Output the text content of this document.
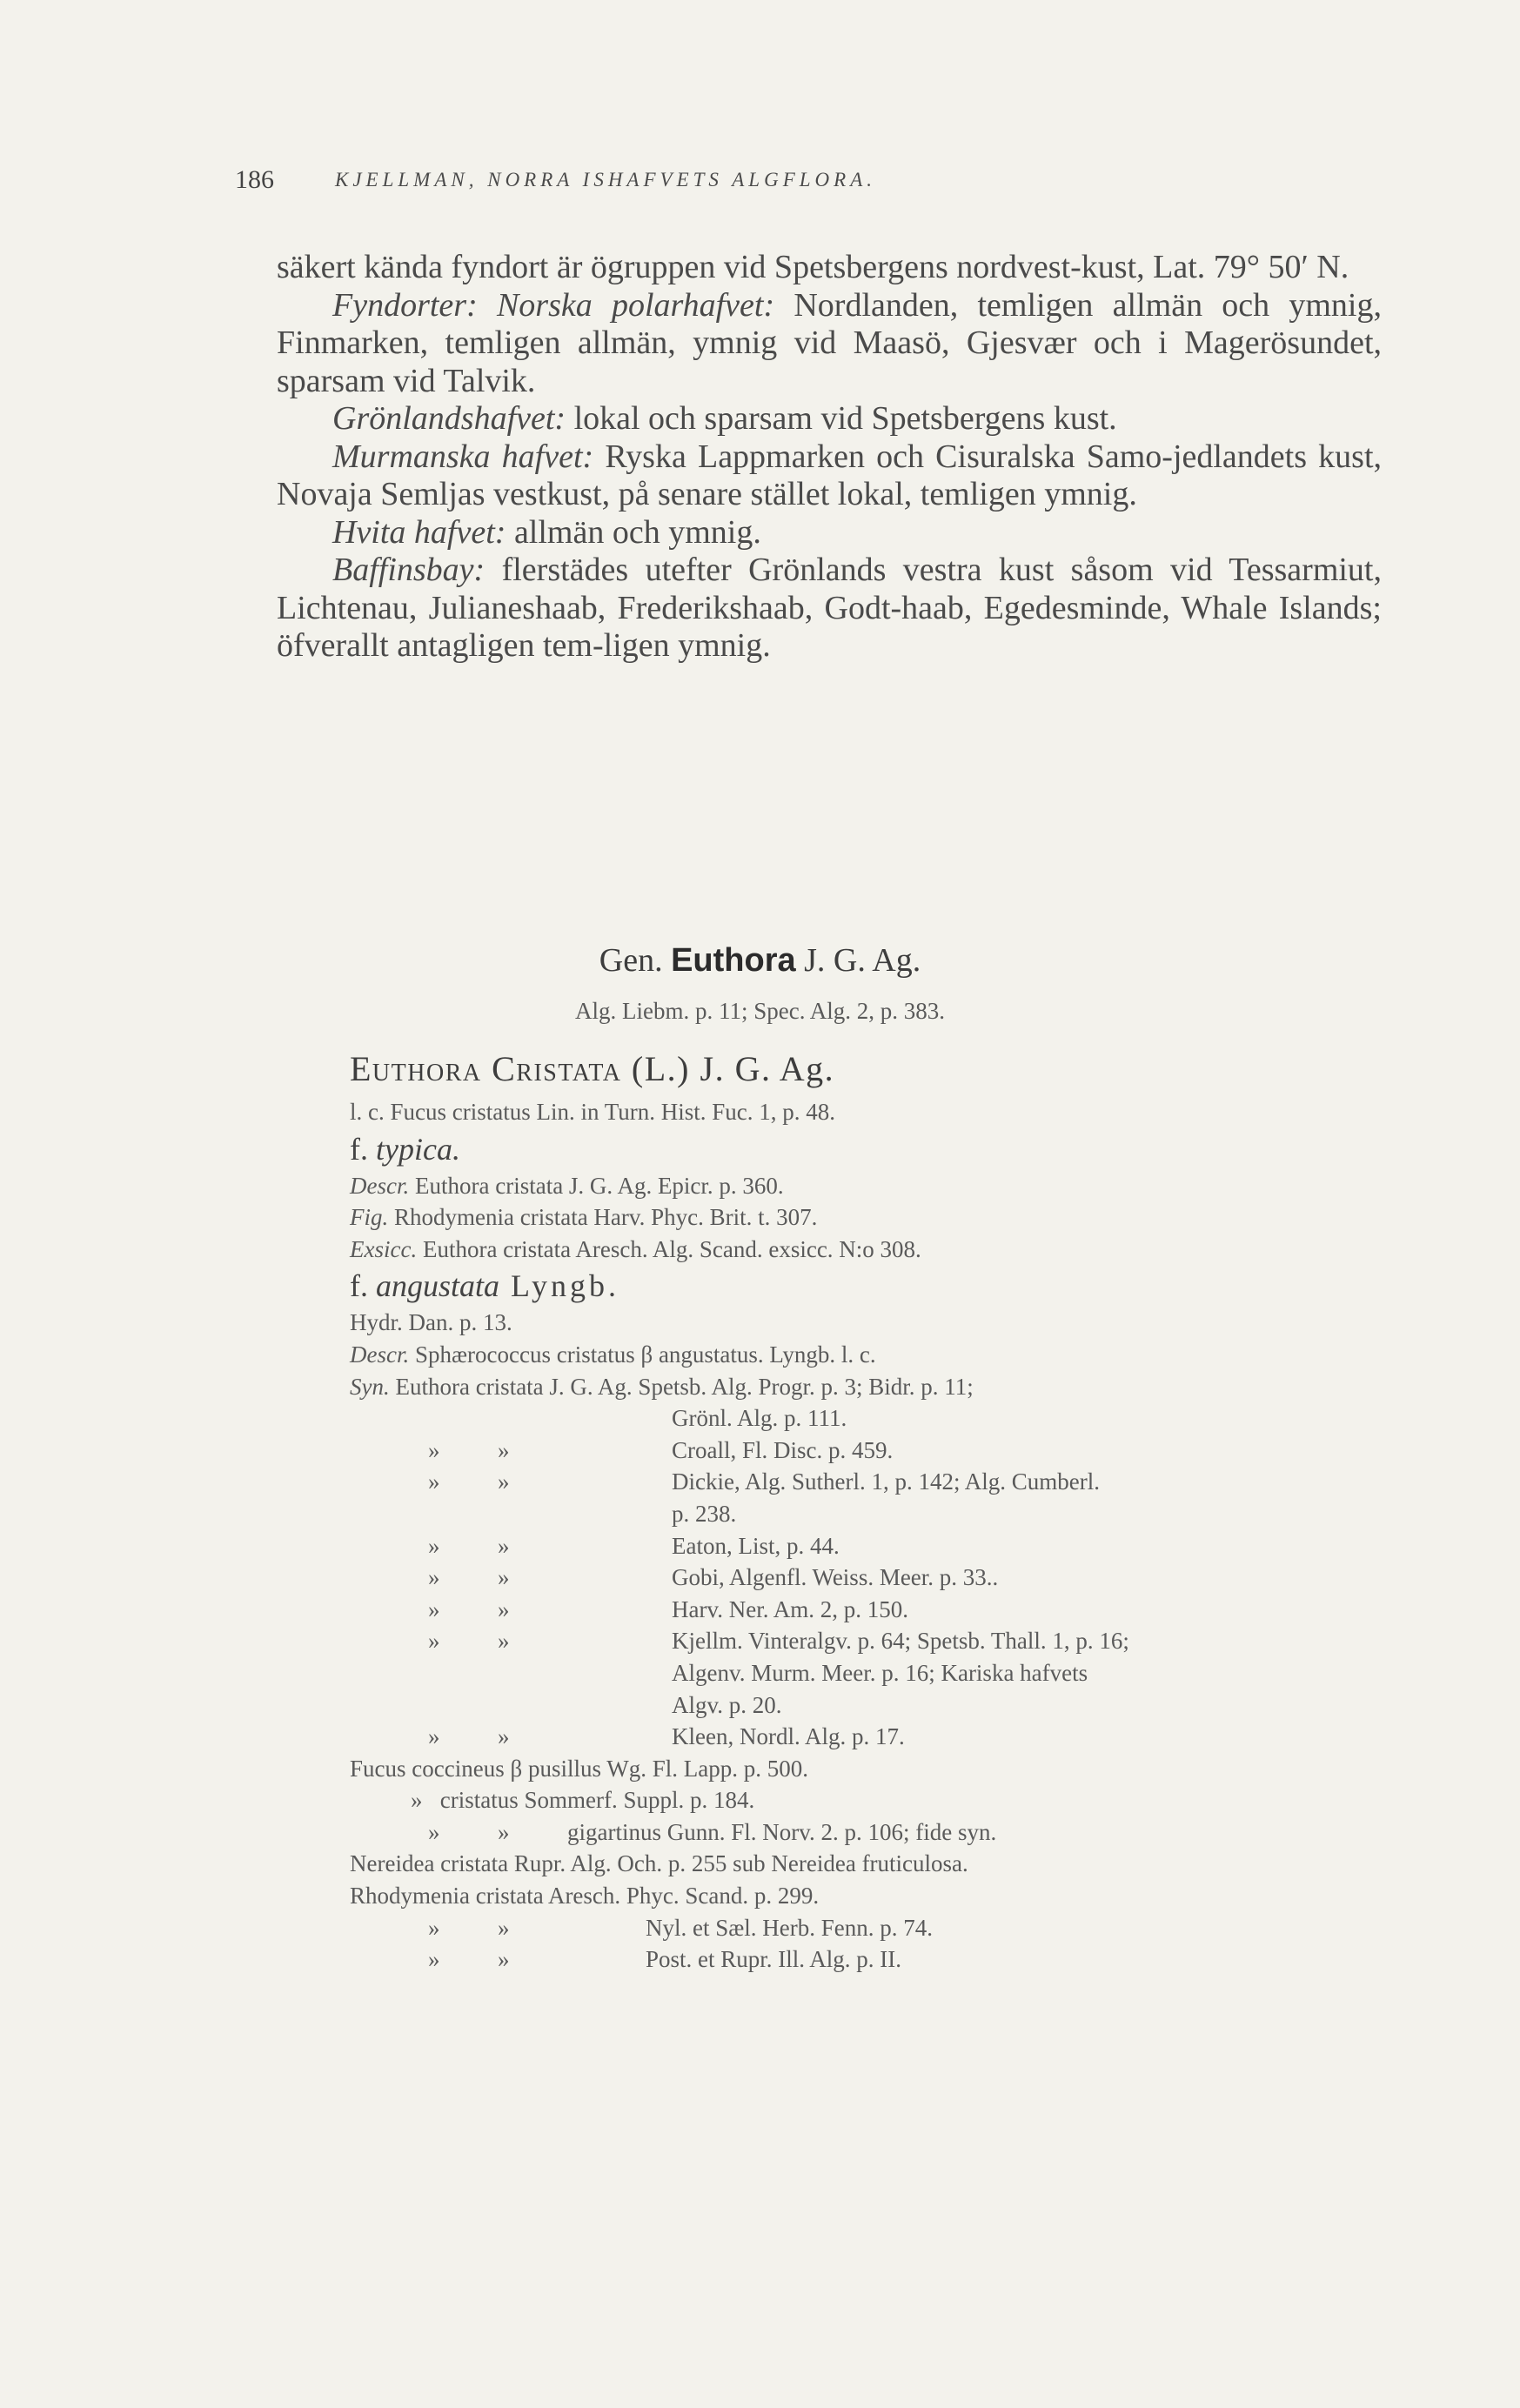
186	KJELLMAN, NORRA ISHAFVETS ALGFLORA.

säkert kända fyndort är ögruppen vid Spetsbergens nordvest-kust, Lat. 79° 50′ N.

Fyndorter: Norska polarhafvet: Nordlanden, temligen allmän och ymnig, Finmarken, temligen allmän, ymnig vid Maasö, Gjesvær och i Magerösundet, sparsam vid Talvik.

Grönlandshafvet: lokal och sparsam vid Spetsbergens kust.

Murmanska hafvet: Ryska Lappmarken och Cisuralska Samo-jedlandets kust, Novaja Semljas vestkust, på senare stället lokal, temligen ymnig.

Hvita hafvet: allmän och ymnig.

Baffinsbay: flerstädes utefter Grönlands vestra kust såsom vid Tessarmiut, Lichtenau, Julianeshaab, Frederikshaab, Godt-haab, Egedesminde, Whale Islands; öfverallt antagligen tem-ligen ymnig.

Gen. Euthora J. G. Ag.
Alg. Liebm. p. 11; Spec. Alg. 2, p. 383.
Euthora Cristata (L.) J. G. Ag.
l. c. Fucus cristatus Lin. in Turn. Hist. Fuc. 1, p. 48.
f. typica.
Descr. Euthora cristata J. G. Ag. Epicr. p. 360.
Fig. Rhodymenia cristata Harv. Phyc. Brit. t. 307.
Exsicc. Euthora cristata Aresch. Alg. Scand. exsicc. N:o 308.
f. angustata Lyngb.
Hydr. Dan. p. 13.
Descr. Sphærococcus cristatus β angustatus. Lyngb. l. c.
Syn. Euthora cristata J. G. Ag. Spetsb. Alg. Progr. p. 3; Bidr. p. 11;
Grönl. Alg. p. 111.
» »	Croall, Fl. Disc. p. 459.
» »	Dickie, Alg. Sutherl. 1, p. 142; Alg. Cumberl.
p. 238.
» »	Eaton, List, p. 44.
» »	Gobi, Algenfl. Weiss. Meer. p. 33..
» »	Harv. Ner. Am. 2, p. 150.
» »	Kjellm. Vinteralgv. p. 64; Spetsb. Thall. 1, p. 16;
Algenv. Murm. Meer. p. 16; Kariska hafvets
Algv. p. 20.
» »	Kleen, Nordl. Alg. p. 17.
Fucus coccineus β pusillus Wg. Fl. Lapp. p. 500.
» cristatus Sommerf. Suppl. p. 184.
» » gigartinus Gunn. Fl. Norv. 2. p. 106; fide syn.
Nereidea cristata Rupr. Alg. Och. p. 255 sub Nereidea fruticulosa.
Rhodymenia cristata Aresch. Phyc. Scand. p. 299.
» »	Nyl. et Sæl. Herb. Fenn. p. 74.
» »	Post. et Rupr. Ill. Alg. p. II.
